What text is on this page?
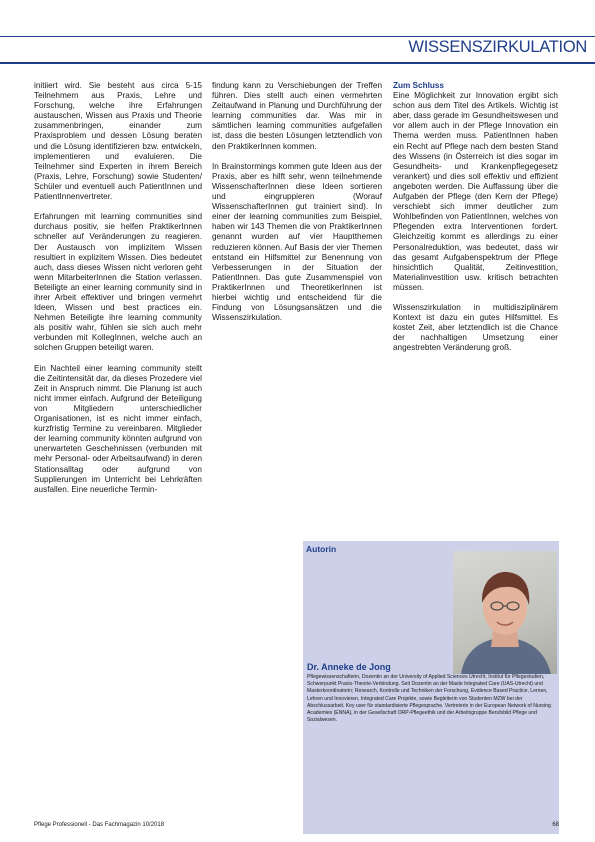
WISSENSZIRKULATION

initiiert wird. Sie besteht aus circa 5-15 Teilnehmern aus Praxis, Lehre und Forschung, welche ihre Erfahrungen austauschen, Wissen aus Praxis und Theorie zusammenbringen, einander zum Praxisproblem und dessen Lösung beraten und die Lösung identifizieren bzw. entwickeln, implementieren und evaluieren. Die Teilnehmer sind Experten in ihrem Bereich (Praxis, Lehre, Forschung) sowie Studenten/ Schüler und eventuell auch PatientInnen und PatientInnenvertreter.

Erfahrungen mit learning communities sind durchaus positiv, sie helfen PraktikerInnen schneller auf Veränderungen zu reagieren. Der Austausch von implizitem Wissen resultiert in explizitem Wissen. Dies bedeutet auch, dass dieses Wissen nicht verloren geht wenn MitarbeiterInnen die Station verlassen. Beteiligte an einer learning community sind in ihrer Arbeit effektiver und bringen vermehrt Ideen, Wissen und best practices ein. Nehmen Beteiligte ihre learning community als positiv wahr, fühlen sie sich auch mehr verbunden mit KollegInnen, welche auch an solchen Gruppen beteiligt waren.

Ein Nachteil einer learning community stellt die Zeitintensität dar, da dieses Prozedere viel Zeit in Anspruch nimmt. Die Planung ist auch nicht immer einfach. Aufgrund der Beteiligung von Mitgliedern unterschiedlicher Organisationen, ist es nicht immer einfach, kurzfristig Termine zu vereinbaren. Mitglieder der learning community könnten aufgrund von unerwarteten Geschehnissen (verbunden mit mehr Personal- oder Arbeitsaufwand) in deren Stationsalltag oder aufgrund von Supplierungen im Unterricht bei Lehrkräften ausfallen. Eine neuerliche Termin-

findung kann zu Verschiebungen der Treffen führen. Dies stellt auch einen vermehrten Zeitaufwand in Planung und Durchführung der learning communities dar. Was mir in sämtlichen learning communities aufgefallen ist, dass die besten Lösungen letztendlich von den PraktikerInnen kommen.

In Brainstormings kommen gute Ideen aus der Praxis, aber es hilft sehr, wenn teilnehmende WissenschafterInnen diese Ideen sortieren und eingruppieren (Worauf WissenschafterInnen gut trainiert sind). In einer der learning communities zum Beispiel, haben wir 143 Themen die von PraktikerInnen genannt wurden auf vier Hauptthemen reduzieren können. Auf Basis der vier Themen entstand ein Hilfsmittel zur Benennung von Verbesserungen in der Situation der PatientInnen. Das gute Zusammenspiel von PraktikerInnen und TheoretikerInnen ist hierbei wichtig und entscheidend für die Findung von Lösungsansätzen und die Wissenszirkulation.

Zum Schluss

Eine Möglichkeit zur Innovation ergibt sich schon aus dem Titel des Artikels. Wichtig ist aber, dass gerade im Gesundheitswesen und vor allem auch in der Pflege Innovation ein Thema werden muss. PatientInnen haben ein Recht auf Pflege nach dem besten Stand des Wissens (in Österreich ist dies sogar im Gesundheits- und Krankenpflegegesetz verankert) und dies soll effektiv und effizient angeboten werden. Die Auffassung über die Aufgaben der Pflege (den Kern der Pflege) verschiebt sich immer deutlicher zum Wohlbefinden von PatientInnen, welches von Pflegenden extra Interventionen fordert. Gleichzeitig kommt es allerdings zu einer Personalreduktion, was bedeutet, dass wir das gesamt Aufgabenspektrum der Pflege hinsichtlich Qualität, Zeitinvestition, Materialinvestition usw. kritisch betrachten müssen.

Wissenszirkulation in multidisziplinärem Kontext ist dazu ein gutes Hilfsmittel. Es kostet Zeit, aber letztendlich ist die Chance der nachhaltigen Umsetzung einer angestrebten Veränderung groß.

Autorin
Dr. Anneke de Jong
Pflegewissenschafterin, Dozentin an der University of Applied Sciences Utrecht, Institut für Pflegestudien, Schwerpunkt Praxis-Theorie-Verbindung. Seit Dozentin an der Maste Integrated Care (UAS-Utrecht) und Masterkoordinatorin; Research, Kontrolle und Techniken der Forschung, Evidence Based Practice, Lernen, Lehren und Innovieren, Integrated Care Projekte, sowie Begleiterin von Studenten MZW bei der Abschlussarbeit. Key user für standardisierte Pflegesprache. Vertreterin in der European Network of Nursing Academies (ENNA), in der Gesellschaft ORP-Pflegeethik und der Arbeitsgruppe Berufsbild Pflege und Sozialwesen.
Pflege Professionell - Das Fachmagazin 10/2018	68
